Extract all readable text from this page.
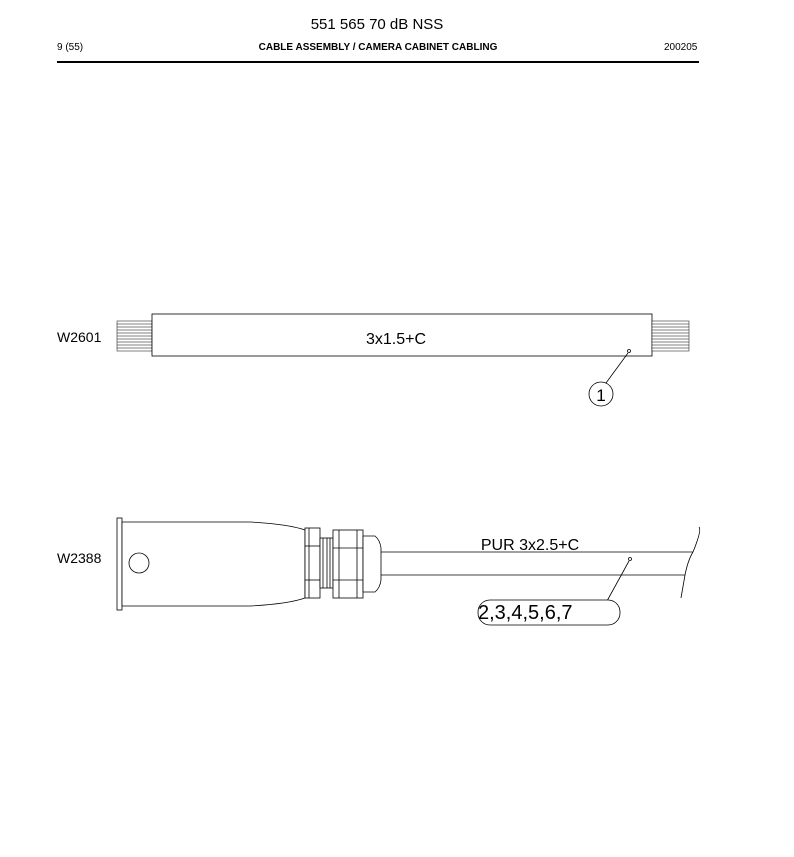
551 565 70 dB NSS
9 (55)	CABLE ASSEMBLY / CAMERA CABINET CABLING	200205
W2601
W2388
3x1.5+C
1
PUR 3x2.5+C
2,3,4,5,6,7
